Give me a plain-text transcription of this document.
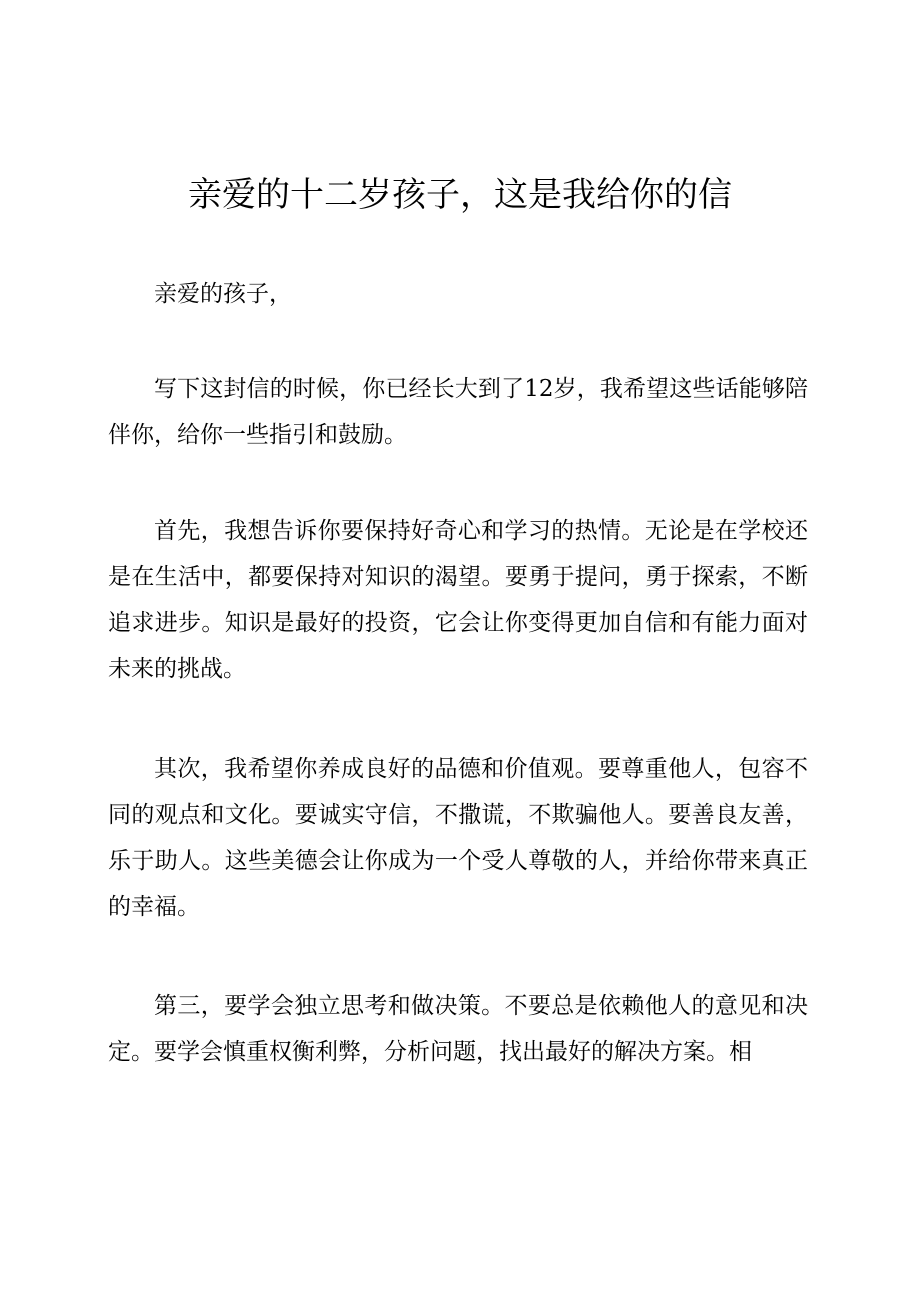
亲爱的十二岁孩子，这是我给你的信

亲爱的孩子，

写下这封信的时候，你已经长大到了12岁，我希望这些话能够陪伴你，给你一些指引和鼓励。

首先，我想告诉你要保持好奇心和学习的热情。无论是在学校还是在生活中，都要保持对知识的渴望。要勇于提问，勇于探索，不断追求进步。知识是最好的投资，它会让你变得更加自信和有能力面对未来的挑战。

其次，我希望你养成良好的品德和价值观。要尊重他人，包容不同的观点和文化。要诚实守信，不撒谎，不欺骗他人。要善良友善，乐于助人。这些美德会让你成为一个受人尊敬的人，并给你带来真正的幸福。

第三，要学会独立思考和做决策。不要总是依赖他人的意见和决定。要学会慎重权衡利弊，分析问题，找出最好的解决方案。相
